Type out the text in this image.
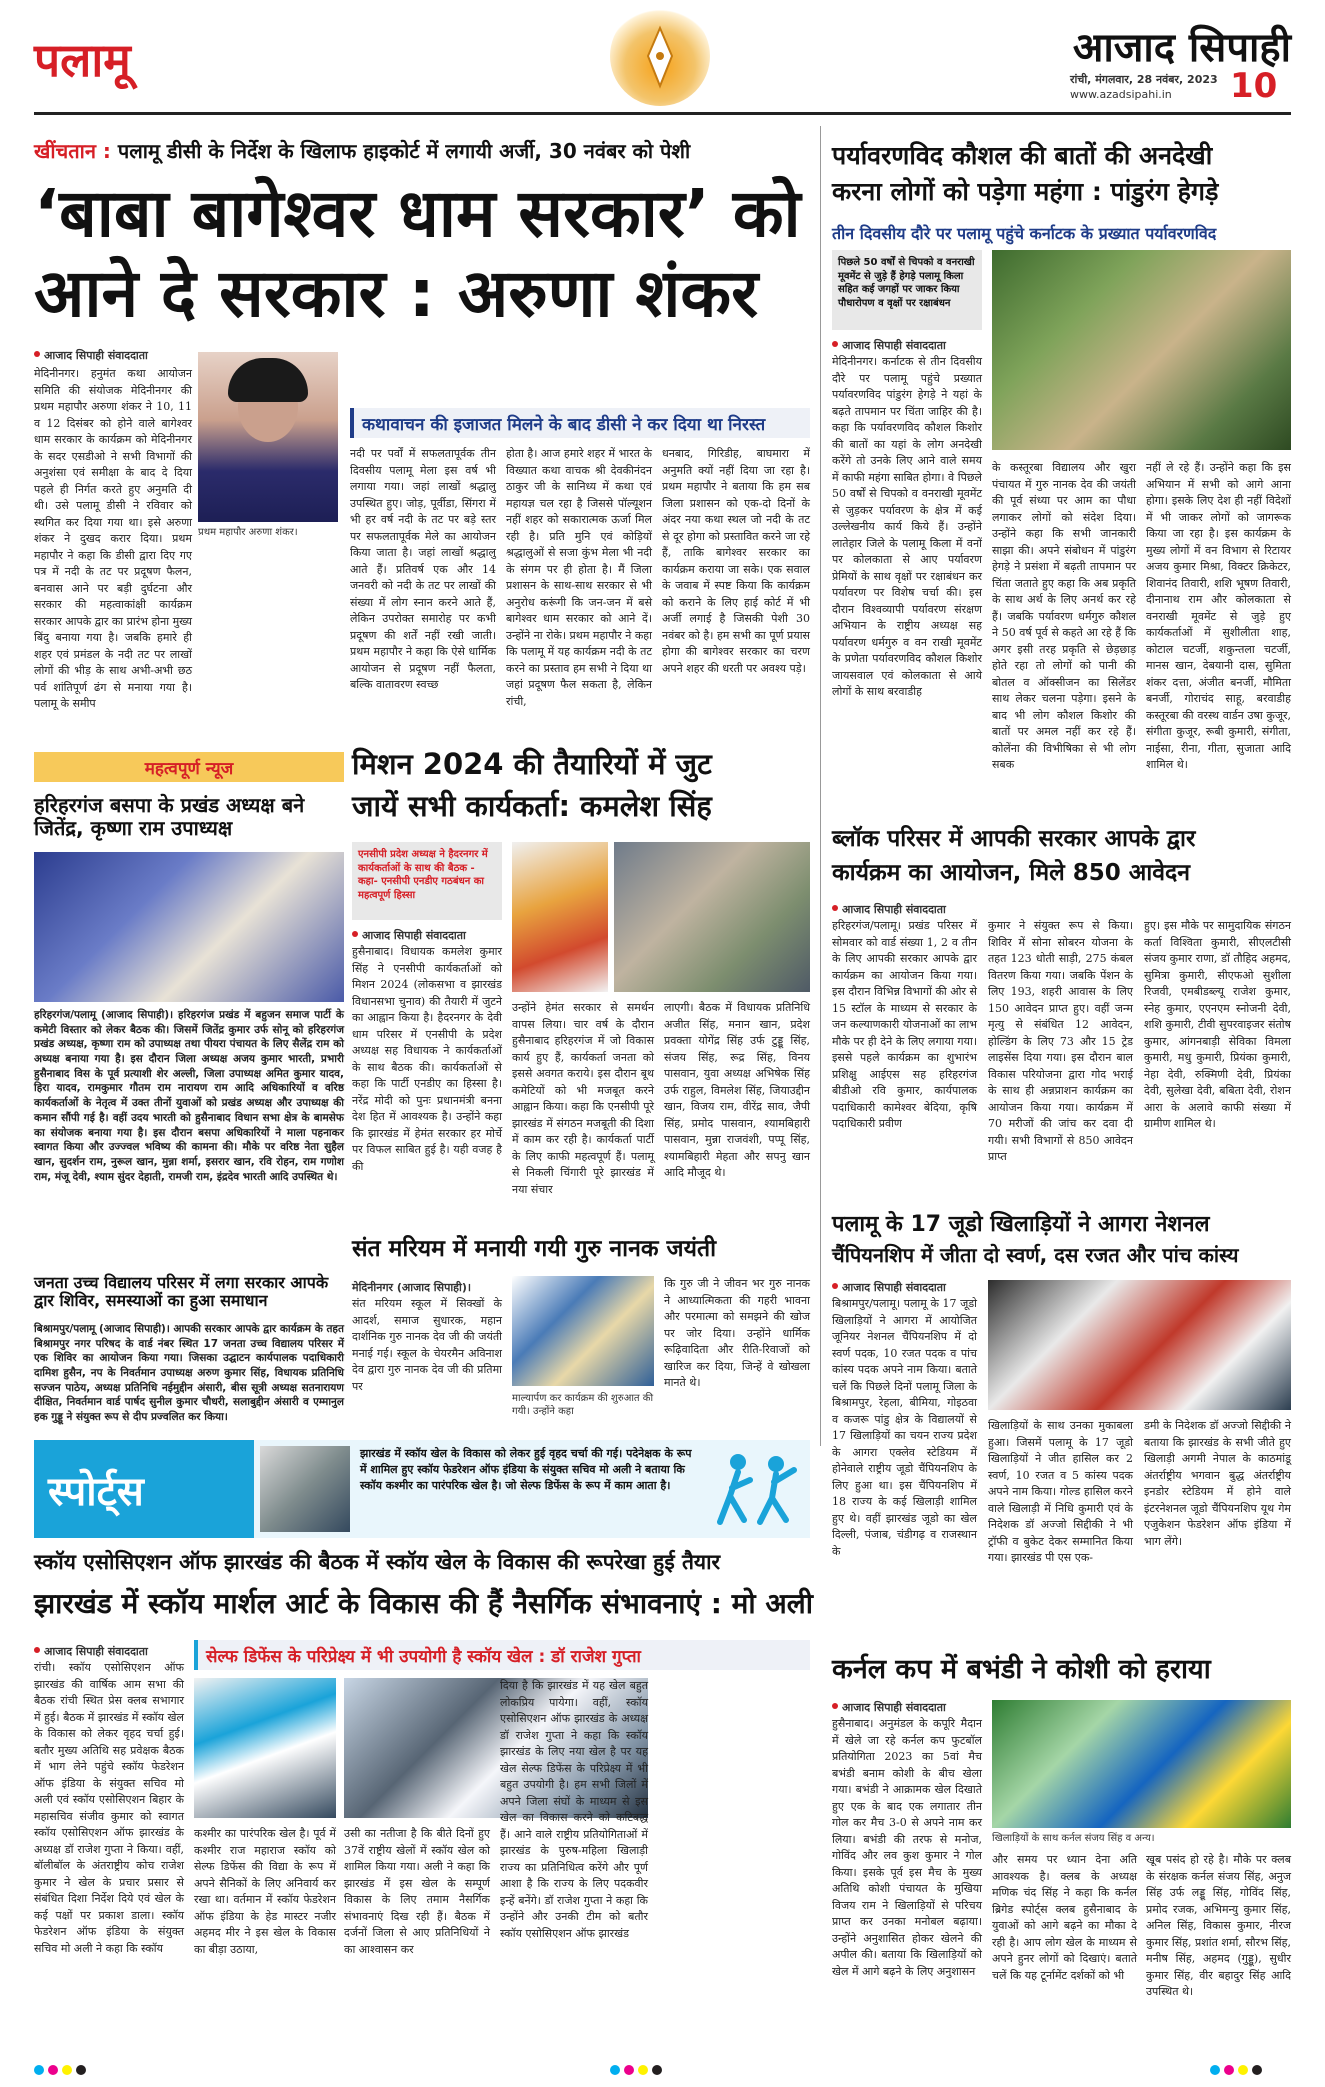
पलामू	आजाद सिपाही
रांची, मंगलवार, 28 नवंबर, 2023
www.azadsipahi.in 10
खींचतान : पलामू डीसी के निर्देश के खिलाफ हाइकोर्ट में लगायी अर्जी, 30 नवंबर को पेशी
‘बाबा बागेश्वर धाम सरकार’ को
आने दे सरकार : अरुणा शंकर
आजाद सिपाही संवाददाता
मेदिनीनगर। हनुमंत कथा आयोजन समिति की संयोजक मेदिनीनगर की प्रथम महापौर अरुणा शंकर ने 10, 11 व 12 दिसंबर को होने वाले बागेश्वर धाम सरकार के कार्यक्रम को मेदिनीनगर के सदर एसडीओ ने सभी विभागों की अनुशंसा एवं समीक्षा के बाद दे दिया पहले ही निर्गत करते हुए अनुमति दी थी। उसे पलामू डीसी ने रविवार को स्थगित कर दिया गया था। इसे अरुणा शंकर ने दुखद करार दिया। प्रथम महापौर ने कहा कि डीसी द्वारा दिए गए पत्र में नदी के तट पर प्रदूषण फैलन, बनवास आने पर बड़ी दुर्घटना और सरकार की महत्वाकांक्षी कार्यक्रम सरकार आपके द्वार का प्रारंभ होना मुख्य बिंदु बनाया गया है। जबकि हमारे ही शहर एवं प्रमंडल के नदी तट पर लाखों लोगों की भीड़ के साथ अभी-अभी छठ पर्व शांतिपूर्ण ढंग से मनाया गया है। पलामू के समीप
प्रथम महापौर अरुणा शंकर।
कथावाचन की इजाजत मिलने के बाद डीसी ने कर दिया था निरस्त
नदी पर पर्वों में सफलतापूर्वक तीन दिवसीय पलामू मेला इस वर्ष भी लगाया गया। जहां लाखों श्रद्धालु उपस्थित हुए। जोड़, पूर्वीडा, सिंगरा में भी हर वर्ष नदी के तट पर बड़े स्तर पर सफलतापूर्वक मेले का आयोजन किया जाता है। जहां लाखों श्रद्धालु आते हैं। प्रतिवर्ष एक और 14 जनवरी को नदी के तट पर लाखों की संख्या में लोग स्नान करने आते हैं, लेकिन उपरोक्त समारोह पर कभी प्रदूषण की शर्तें नहीं रखी जाती। प्रथम महापौर ने कहा कि ऐसे धार्मिक आयोजन से प्रदूषण नहीं फैलता, बल्कि वातावरण स्वच्छ
होता है। आज हमारे शहर में भारत के विख्यात कथा वाचक श्री देवकीनंदन ठाकुर जी के सानिध्य में कथा एवं महायज्ञ चल रहा है जिससे पॉल्यूशन नहीं शहर को सकारात्मक ऊर्जा मिल रही है। प्रति मुनि एवं कोड़ियों श्रद्धालुओं से सजा कुंभ मेला भी नदी के संगम पर ही होता है। मैं जिला प्रशासन के साथ-साथ सरकार से भी अनुरोध करूंगी कि जन-जन में बसे बागेश्वर धाम सरकार को आने दें। उन्होंने ना रोके। प्रथम महापौर ने कहा कि पलामू में यह कार्यक्रम नदी के तट करने का प्रस्ताव हम सभी ने दिया था जहां प्रदूषण फैल सकता है, लेकिन रांची,
धनबाद, गिरिडीह, बाघमारा में अनुमति क्यों नहीं दिया जा रहा है। प्रथम महापौर ने बताया कि हम सब जिला प्रशासन को एक-दो दिनों के अंदर नया कथा स्थल जो नदी के तट से दूर होगा को प्रस्तावित करने जा रहे हैं, ताकि बागेश्वर सरकार का कार्यक्रम कराया जा सके। एक सवाल के जवाब में स्पष्ट किया कि कार्यक्रम को कराने के लिए हाई कोर्ट में भी अर्जी लगाई है जिसकी पेशी 30 नवंबर को है। हम सभी का पूर्ण प्रयास होगा की बागेश्वर सरकार का चरण अपने शहर की धरती पर अवश्य पड़े।
पर्यावरणविद कौशल की बातों की अनदेखी
करना लोगों को पड़ेगा महंगा : पांडुरंग हेगड़े
तीन दिवसीय दौरे पर पलामू पहुंचे कर्नाटक के प्रख्यात पर्यावरणविद
पिछले 50 वर्षों से चिपको व वनराखी मूवमेंट से जुड़े हैं हेगड़े पलामू किला सहित कई जगहों पर जाकर किया पौधारोपण व वृक्षों पर रक्षाबंधन
आजाद सिपाही संवाददाता
मेदिनीनगर। कर्नाटक से तीन दिवसीय दौरे पर पलामू पहुंचे प्रख्यात पर्यावरणविद पांडुरंग हेगड़े ने यहां के बढ़ते तापमान पर चिंता जाहिर की है। कहा कि पर्यावरणविद कौशल किशोर की बातों का यहां के लोग अनदेखी करेंगे तो उनके लिए आने वाले समय में काफी महंगा साबित होगा। वे पिछले 50 वर्षों से चिपको व वनराखी मूवमेंट से जुड़कर पर्यावरण के क्षेत्र में कई उल्लेखनीय कार्य किये हैं। उन्होंने लातेहार जिले के पलामू किला में वनों पर कोलकाता से आए पर्यावरण प्रेमियों के साथ वृक्षों पर रक्षाबंधन कर पर्यावरण पर विशेष चर्चा की। इस दौरान विश्वव्यापी पर्यावरण संरक्षण अभियान के राष्ट्रीय अध्यक्ष सह पर्यावरण धर्मगुरु व वन राखी मूवमेंट के प्रणेता पर्यावरणविद कौशल किशोर जायसवाल एवं कोलकाता से आये लोगों के साथ बरवाडीह
के कस्तूरबा विद्यालय और खुरा पंचायत में गुरु नानक देव की जयंती की पूर्व संध्या पर आम का पौधा लगाकर लोगों को संदेश दिया। उन्होंने कहा कि सभी जानकारी साझा की। अपने संबोधन में पांडुरंग हेगड़े ने प्रसंशा में बढ़ती तापमान पर चिंता जताते हुए कहा कि अब प्रकृति के साथ अर्थ के लिए अनर्थ कर रहे हैं। जबकि पर्यावरण धर्मगुरु कौशल ने 50 वर्ष पूर्व से कहते आ रहे हैं कि अगर इसी तरह प्रकृति से छेड़छाड़ होते रहा तो लोगों को पानी की बोतल व ऑक्सीजन का सिलेंडर साथ लेकर चलना पड़ेगा। इसने के बाद भी लोग कौशल किशोर की बातों पर अमल नहीं कर रहे हैं। कोलेंना की विभीषिका से भी लोग सबक
नहीं ले रहे हैं। उन्होंने कहा कि इस अभियान में सभी को आगे आना होगा। इसके लिए देश ही नहीं विदेशों में भी जाकर लोगों को जागरूक किया जा रहा है। इस कार्यक्रम के मुख्य लोगों में वन विभाग से रिटायर अजय कुमार मिश्रा, विक्टर क्रिकेटर, शिवानंद तिवारी, शशि भूषण तिवारी, दीनानाथ राम और कोलकाता से वनराखी मूवमेंट से जुड़े हुए कार्यकर्ताओं में सुशीलीता शाह, कोटाल चटर्जी, शकुन्तला चटर्जी, मानस खान, देबयानी दास, सुमिता शंकर दत्ता, अंजीत बनर्जी, मौमिता बनर्जी, गोराचंद साहू, बरवाडीह कस्तूरबा की वरस्थ वार्डन उषा कुजूर, संगीता कुजूर, रूबी कुमारी, संगीता, नाईसा, रीना, गीता, सुजाता आदि शामिल थे।
महत्वपूर्ण न्यूज
हरिहरगंज बसपा के प्रखंड अध्यक्ष बने जितेंद्र, कृष्णा राम उपाध्यक्ष
हरिहरगंज/पलामू (आजाद सिपाही)। हरिहरगंज प्रखंड में बहुजन समाज पार्टी के कमेटी विस्तार को लेकर बैठक की। जिसमें जितेंद्र कुमार उर्फ सोनू को हरिहरगंज प्रखंड अध्यक्ष, कृष्णा राम को उपाध्यक्ष तथा पीयरा पंचायत के लिए सैलेंद्र राम को अध्यक्ष बनाया गया है। इस दौरान जिला अध्यक्ष अजय कुमार भारती, प्रभारी हुसैनाबाद विस के पूर्व प्रत्याशी शेर अल्ली, जिला उपाध्यक्ष अमित कुमार यादव, हिरा यादव, रामकुमार गौतम राम नारायण राम आदि अधिकारियों व वरिष्ठ कार्यकर्ताओं के नेतृत्व में उक्त तीनों युवाओं को प्रखंड अध्यक्ष और उपाध्यक्ष की कमान सौंपी गई है। वहीं उदय भारती को हुसैनाबाद विधान सभा क्षेत्र के बामसेफ का संयोजक बनाया गया है। इस दौरान बसपा अधिकारियों ने माला पहनाकर स्वागत किया और उज्ज्वल भविष्य की कामना की। मौके पर वरिष्ठ नेता सुहैल खान, सुदर्शन राम, नुरूल खान, मुन्ना शर्मा, इसरार खान, रवि रोहन, राम गणोश राम, मंजू देवी, श्याम सुंदर देहाती, रामजी राम, इंद्रदेव भारती आदि उपस्थित थे।
जनता उच्च विद्यालय परिसर में लगा सरकार आपके द्वार शिविर, समस्याओं का हुआ समाधान
बिश्रामपुर/पलामू (आजाद सिपाही)। आपकी सरकार आपके द्वार कार्यक्रम के तहत बिश्रामपुर नगर परिषद के वार्ड नंबर स्थित 17 जनता उच्च विद्यालय परिसर में एक शिविर का आयोजन किया गया। जिसका उद्घाटन कार्यपालक पदाधिकारी दामिश हुसैन, नप के निवर्तमान उपाध्यक्ष अरुण कुमार सिंह, विधायक प्रतिनिधि सज्जन पाठेय, अध्यक्ष प्रतिनिधि नईमुद्दीन अंसारी, बीस सूत्री अध्यक्ष सतनारायण दीक्षित, निवर्तमान वार्ड पार्षद सुनील कुमार चौधरी, सलाबुद्दीन अंसारी व एम्मानुल हक गुड्डू ने संयुक्त रूप से दीप प्रज्वलित कर किया।
मिशन 2024 की तैयारियों में जुट
जायें सभी कार्यकर्ता: कमलेश सिंह
एनसीपी प्रदेश अध्यक्ष ने हैदरनगर में कार्यकर्ताओं के साथ की बैठक - कहा- एनसीपी एनडीए गठबंधन का महत्वपूर्ण हिस्सा
आजाद सिपाही संवाददाता
हुसैनाबाद। विधायक कमलेश कुमार सिंह ने एनसीपी कार्यकर्ताओं को मिशन 2024 (लोकसभा व झारखंड विधानसभा चुनाव) की तैयारी में जुटने का आह्वान किया है। हैदरनगर के देवी धाम परिसर में एनसीपी के प्रदेश अध्यक्ष सह विधायक ने कार्यकर्ताओं के साथ बैठक की। कार्यकर्ताओं से कहा कि पार्टी एनडीए का हिस्सा है। नरेंद्र मोदी को पुनः प्रधानमंत्री बनना देश हित में आवश्यक है। उन्होंने कहा कि झारखंड में हेमंत सरकार हर मोर्चे पर विफल साबित हुई है। यही वजह है की
उन्होंने हेमंत सरकार से समर्थन वापस लिया। चार वर्ष के दौरान हुसैनाबाद हरिहरगंज में जो विकास कार्य हुए हैं, कार्यकर्ता जनता को इससे अवगत कराये। इस दौरान बूथ कमेटियों को भी मजबूत करने आह्वान किया। कहा कि एनसीपी पूरे झारखंड में संगठन मजबूती की दिशा में काम कर रही है। कार्यकर्ता पार्टी के लिए काफी महत्वपूर्ण हैं। पलामू से निकली चिंगारी पूरे झारखंड में नया संचार
लाएगी। बैठक में विधायक प्रतिनिधि अजीत सिंह, मनान खान, प्रदेश प्रवक्ता योगेंद्र सिंह उर्फ टुड्डू सिंह, संजय सिंह, रूद्र सिंह, विनय पासवान, युवा अध्यक्ष अभिषेक सिंह उर्फ राहुल, विमलेश सिंह, जियाउद्दीन खान, विजय राम, वीरेंद्र साव, जैपी सिंह, प्रमोद पासवान, श्यामबिहारी पासवान, मुन्ना राजवंशी, पप्पू सिंह, श्यामबिहारी मेहता और सपनु खान आदि मौजूद थे।
ब्लॉक परिसर में आपकी सरकार आपके द्वार
कार्यक्रम का आयोजन, मिले 850 आवेदन
आजाद सिपाही संवाददाता
हरिहरगंज/पलामू। प्रखंड परिसर में सोमवार को वार्ड संख्या 1, 2 व तीन के लिए आपकी सरकार आपके द्वार कार्यक्रम का आयोजन किया गया। इस दौरान विभिन्न विभागों की ओर से 15 स्टॉल के माध्यम से सरकार के जन कल्याणकारी योजनाओं का लाभ मौके पर ही देने के लिए लगाया गया। इससे पहले कार्यक्रम का शुभारंभ प्रशिक्षु आईएस सह हरिहरगंज बीडीओ रवि कुमार, कार्यपालक पदाधिकारी कामेश्वर बेदिया, कृषि पदाधिकारी प्रवीण
कुमार ने संयुक्त रूप से किया। शिविर में सोना सोबरन योजना के तहत 123 धोती साड़ी, 275 कंबल वितरण किया गया। जबकि पेंशन के लिए 193, शहरी आवास के लिए 150 आवेदन प्राप्त हुए। वहीं जन्म मृत्यु से संबंधित 12 आवेदन, होल्डिंग के लिए 73 और 15 ट्रेड लाइसेंस दिया गया। इस दौरान बाल विकास परियोजना द्वारा गोद भराई के साथ ही अन्नप्राशन कार्यक्रम का आयोजन किया गया। कार्यक्रम में 70 मरीजों की जांच कर दवा दी गयी। सभी विभागों से 850 आवेदन प्राप्त
हुए। इस मौके पर सामुदायिक संगठन कर्ता विश्विता कुमारी, सीएलटीसी संजय कुमार राणा, डॉ तौहिद अहमद, सुमित्रा कुमारी, सीएफओ सुशीला रिजवी, एमबीडब्ल्यू राजेश कुमार, स्नेह कुमार, एएनएम स्नोजनी देवी, शशि कुमारी, टीवी सुपरवाइजर संतोष कुमार, आंगनबाड़ी सेविका विमला कुमारी, मधु कुमारी, प्रियंका कुमारी, नेहा देवी, रुक्मिणी देवी, प्रियंका देवी, सुलेखा देवी, बबिता देवी, रोशन आरा के अलावे काफी संख्या में ग्रामीण शामिल थे।
पलामू के 17 जूडो खिलाड़ियों ने आगरा नेशनल
चैंपियनशिप में जीता दो स्वर्ण, दस रजत और पांच कांस्य
आजाद सिपाही संवाददाता
बिश्रामपुर/पलामू। पलामू के 17 जूडो खिलाड़ियों ने आगरा में आयोजित जूनियर नेशनल चैंपियनशिप में दो स्वर्ण पदक, 10 रजत पदक व पांच कांस्य पदक अपने नाम किया। बताते चलें कि पिछले दिनों पलामू जिला के बिश्रामपुर, रेहला, बीमिया, गोइठवा व कजरू पांडु क्षेत्र के विद्यालयों से 17 खिलाड़ियों का चयन राज्य प्रदेश के आगरा एक्लेव स्टेडियम में होनेवाले राष्ट्रीय जूडो चैंपियनशिप के लिए हुआ था। इस चैंपियनशिप में 18 राज्य के कई खिलाड़ी शामिल हुए थे। वहीं झारखंड जूडो का खेल दिल्ली, पंजाब, चंडीगढ़ व राजस्थान के
खिलाड़ियों के साथ उनका मुकाबला हुआ। जिसमें पलामू के 17 जूडो खिलाड़ियों ने जीत हासिल कर 2 स्वर्ण, 10 रजत व 5 कांस्य पदक अपने नाम किया। गोल्ड हासिल करने वाले खिलाड़ी में निधि कुमारी एवं के निदेशक डॉ अज्जो सिद्दीकी ने भी ट्रॉफी व बुकेट देकर सम्मानित किया गया। झारखंड पी एस एक-
डमी के निदेशक डॉ अज्जो सिद्दीकी ने बताया कि झारखंड के सभी जीते हुए खिलाड़ी अगमी नेपाल के काठमांडू अंतर्राष्ट्रीय भगवान बुद्ध अंतर्राष्ट्रीय इनडोर स्टेडियम में होने वाले इंटरनेशनल जूडो चैंपियनशिप यूथ गेम एजुकेशन फेडरेशन ऑफ इंडिया में भाग लेंगे।
संत मरियम में मनायी गयी गुरु नानक जयंती
मेदिनीनगर (आजाद सिपाही)।
संत मरियम स्कूल में सिक्खों के आदर्श, समाज सुधारक, महान दार्शनिक गुरु नानक देव जी की जयंती मनाई गई। स्कूल के चेयरमैन अविनाश देव द्वारा गुरु नानक देव जी की प्रतिमा पर
माल्यार्पण कर कार्यक्रम की शुरुआत की गयी। उन्होंने कहा
कि गुरु जी ने जीवन भर गुरु नानक ने आध्यात्मिकता की गहरी भावना और परमात्मा को समझने की खोज पर जोर दिया। उन्होंने धार्मिक रूढ़िवादिता और रीति-रिवाजों को खारिज कर दिया, जिन्हें वे खोखला मानते थे।
स्पोर्ट्स
झारखंड में स्कॉय खेल के विकास को लेकर हुई वृहद चर्चा की गई। पदेनेक्षक के रूप में शामिल हुए स्कॉय फेडरेशन ऑफ इंडिया के संयुक्त सचिव मो अली ने बताया कि स्कॉय कश्मीर का पारंपरिक खेल है। जो सेल्फ डिफेंस के रूप में काम आता है।
स्कॉय एसोसिएशन ऑफ झारखंड की बैठक में स्कॉय खेल के विकास की रूपरेखा हुई तैयार
झारखंड में स्कॉय मार्शल आर्ट के विकास की हैं नैसर्गिक संभावनाएं : मो अली
आजाद सिपाही संवाददाता
रांची। स्कॉय एसोसिएशन ऑफ झारखंड की वार्षिक आम सभा की बैठक रांची स्थित प्रेस क्लब सभागार में हुई। बैठक में झारखंड में स्कॉय खेल के विकास को लेकर वृहद चर्चा हुई। बतौर मुख्य अतिथि सह प्रवेक्षक बैठक में भाग लेने पहुंचे स्कॉय फेडरेशन ऑफ इंडिया के संयुक्त सचिव मो अली एवं स्कॉय एसोसिएशन बिहार के महासचिव संजीव कुमार को स्वागत स्कॉय एसोसिएशन ऑफ झारखंड के अध्यक्ष डॉ राजेश गुप्ता ने किया। वहीं, बॉलीबॉल के अंतराष्ट्रीय कोच राजेश कुमार ने खेल के प्रचार प्रसार से संबंधित दिशा निर्देश दिये एवं खेल के कई पक्षों पर प्रकाश डाला। स्कॉय फेडरेशन ऑफ इंडिया के संयुक्त सचिव मो अली ने कहा कि स्कॉय
सेल्फ डिफेंस के परिप्रेक्ष्य में भी उपयोगी है स्कॉय खेल : डॉ राजेश गुप्ता
कश्मीर का पारंपरिक खेल है। पूर्व में कश्मीर राज महाराज स्कॉय को सेल्फ डिफेंस की विद्या के रूप में अपने सैनिकों के लिए अनिवार्य कर रखा था। वर्तमान में स्कॉय फेडरेशन ऑफ इंडिया के हेड मास्टर नजीर अहमद मीर ने इस खेल के विकास का बीड़ा उठाया,
उसी का नतीजा है कि बीते दिनों हुए 37वें राष्ट्रीय खेलों में स्कॉय खेल को शामिल किया गया। अली ने कहा कि झारखंड में इस खेल के सम्पूर्ण विकास के लिए तमाम नैसर्गिक संभावनाएं दिख रही हैं। बैठक में दर्जनों जिला से आए प्रतिनिधियों ने का आश्वासन कर
दिया है कि झारखंड में यह खेल बहुत लोकप्रिय पायेगा। वहीं, स्कॉय एसोसिएशन ऑफ झारखंड के अध्यक्ष डॉ राजेश गुप्ता ने कहा कि स्कॉय झारखंड के लिए नया खेल है पर यह खेल सेल्फ डिफेंस के परिप्रेक्ष्य में भी बहुत उपयोगी है। हम सभी जिलों में अपने जिला संघों के माध्यम से इस खेल का विकास करने को कटिबद्ध हैं। आने वाले राष्ट्रीय प्रतियोगिताओं में झारखंड के पुरुष-महिला खिलाड़ी राज्य का प्रतिनिधित्व करेंगे और पूर्ण आशा है कि राज्य के लिए पदकवीर इन्हें बनेंगे। डॉ राजेश गुप्ता ने कहा कि उन्होंने और उनकी टीम को बतौर स्कॉय एसोसिएशन ऑफ झारखंड
कर्नल कप में बभंडी ने कोशी को हराया
आजाद सिपाही संवाददाता
हुसैनाबाद। अनुमंडल के कपूरि मैदान में खेले जा रहे कर्नल कप फुटबॉल प्रतियोगिता 2023 का 5वां मैच बभंडी बनाम कोशी के बीच खेला गया। बभंडी ने आक्रामक खेल दिखाते हुए एक के बाद एक लगातार तीन गोल कर मैच 3-0 से अपने नाम कर लिया। बभंडी की तरफ से मनोज, गोविंद और लव कुश कुमार ने गोल किया। इसके पूर्व इस मैच के मुख्य अतिथि कोशी पंचायत के मुखिया विजय राम ने खिलाड़ियों से परिचय प्राप्त कर उनका मनोबल बढ़ाया। उन्होंने अनुशासित होकर खेलने की अपील की। बताया कि खिलाड़ियों को खेल में आगे बढ़ने के लिए अनुशासन
खिलाड़ियों के साथ कर्नल संजय सिंह व अन्य।
और समय पर ध्यान देना अति आवश्यक है। क्लब के अध्यक्ष मणिक चंद सिंह ने कहा कि कर्नल ब्रिगेड स्पोर्ट्स क्लब हुसैनाबाद के युवाओं को आगे बढ़ने का मौका दे रही है। आप लोग खेल के माध्यम से अपने हुनर लोगों को दिखाएं। बताते चलें कि यह टूर्नामेंट दर्शकों को भी
खूब पसंद हो रहे है। मौके पर क्लब के संरक्षक कर्नल संजय सिंह, अनुज सिंह उर्फ लड्डू सिंह, गोविंद सिंह, प्रमोद रजक, अभिमन्यु कुमार सिंह, अनिल सिंह, विकास कुमार, नीरज कुमार सिंह, प्रशांत शर्मा, सौरभ सिंह, मनीष सिंह, अहमद (गुड्डू), सुधीर कुमार सिंह, वीर बहादुर सिंह आदि उपस्थित थे।
